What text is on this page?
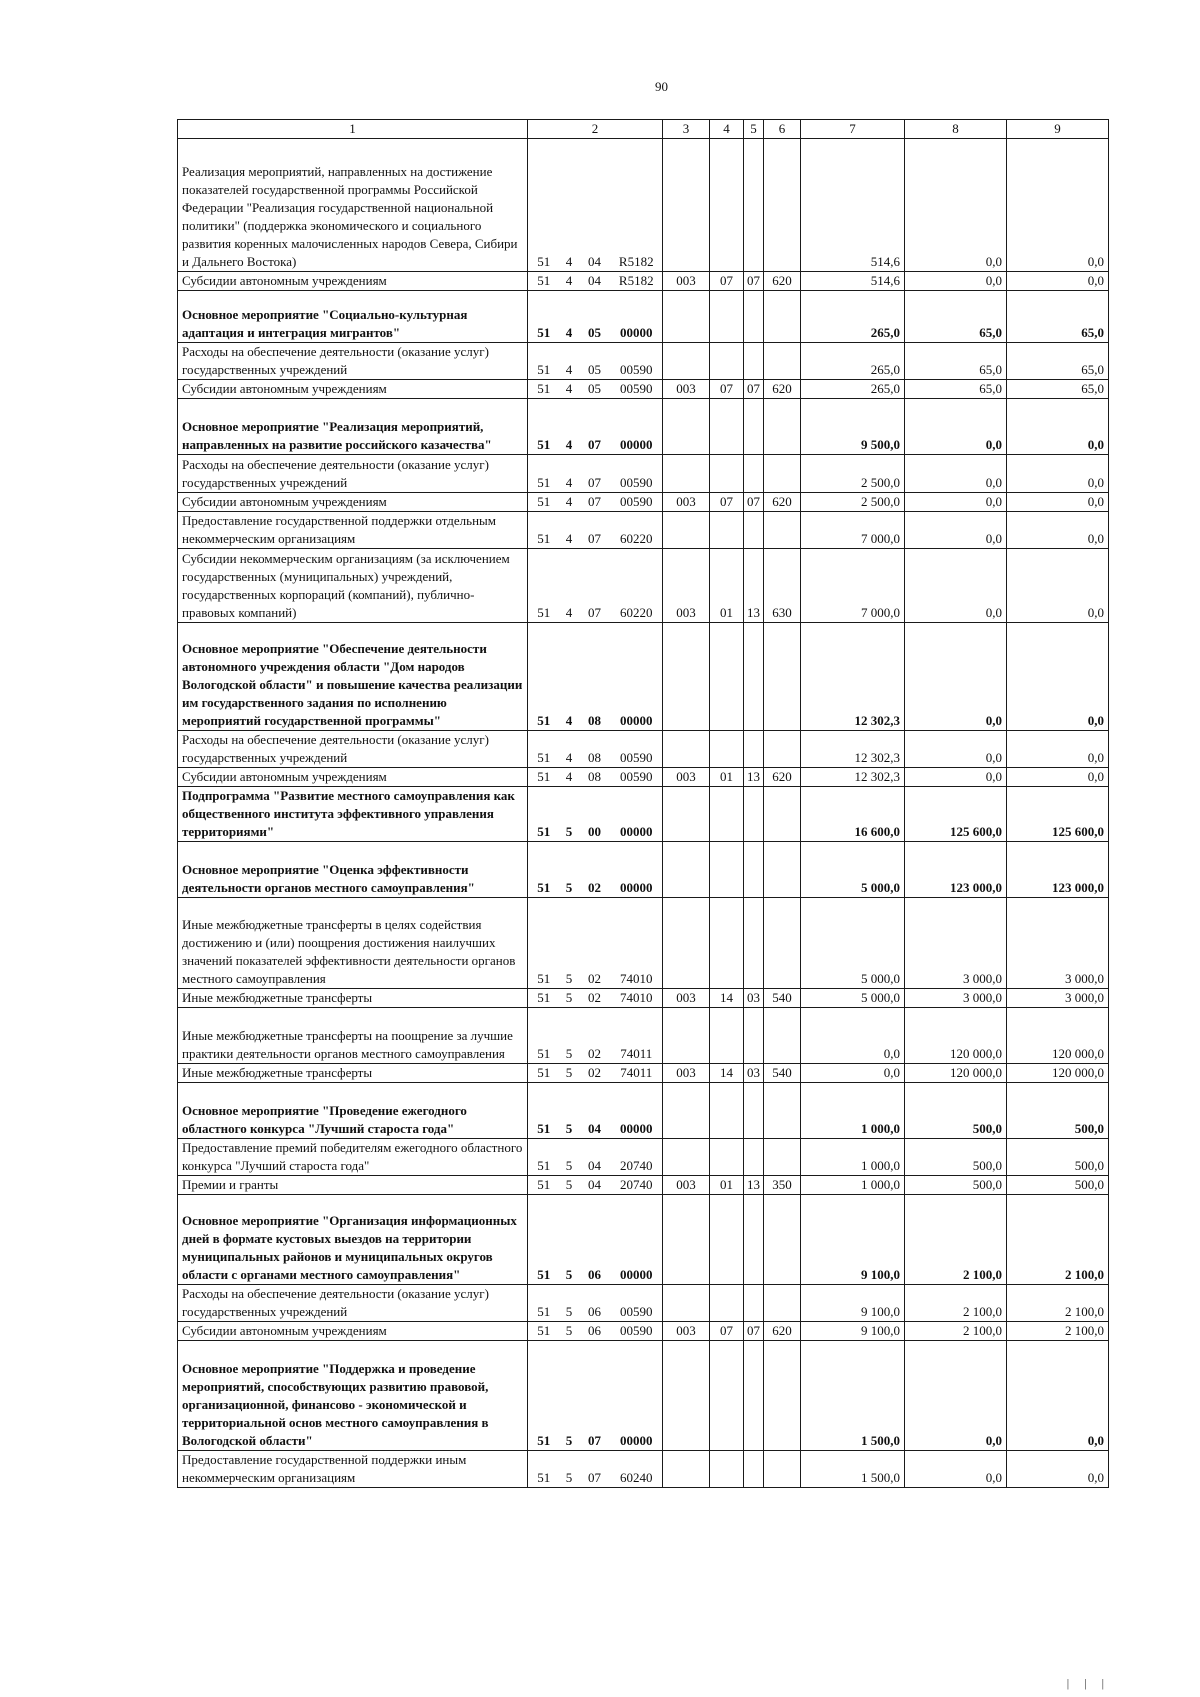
90
1	2				3	4	5	6	7	8	9
Реализация мероприятий, направленных на достижение показателей государственной программы Российской Федерации "Реализация государственной национальной политики" (поддержка экономического и социального развития коренных малочисленных народов Севера, Сибири и Дальнего Востока)	51	4	04	R5182					514,6	0,0	0,0
Субсидии автономным учреждениям	51	4	04	R5182	003	07	07	620	514,6	0,0	0,0
Основное мероприятие "Социально-культурная адаптация и интеграция мигрантов"	51	4	05	00000					265,0	65,0	65,0
Расходы на обеспечение деятельности (оказание услуг) государственных учреждений	51	4	05	00590					265,0	65,0	65,0
Субсидии автономным учреждениям	51	4	05	00590	003	07	07	620	265,0	65,0	65,0
Основное мероприятие "Реализация мероприятий, направленных на развитие российского казачества"	51	4	07	00000					9 500,0	0,0	0,0
Расходы на обеспечение деятельности (оказание услуг) государственных учреждений	51	4	07	00590					2 500,0	0,0	0,0
Субсидии автономным учреждениям	51	4	07	00590	003	07	07	620	2 500,0	0,0	0,0
Предоставление государственной поддержки отдельным некоммерческим организациям	51	4	07	60220					7 000,0	0,0	0,0
Субсидии некоммерческим организациям (за исключением государственных (муниципальных) учреждений, государственных корпораций (компаний), публично-правовых компаний)	51	4	07	60220	003	01	13	630	7 000,0	0,0	0,0
Основное мероприятие "Обеспечение деятельности автономного учреждения области "Дом народов Вологодской области" и повышение качества реализации им государственного задания по исполнению мероприятий государственной программы"	51	4	08	00000					12 302,3	0,0	0,0
Расходы на обеспечение деятельности (оказание услуг) государственных учреждений	51	4	08	00590					12 302,3	0,0	0,0
Субсидии автономным учреждениям	51	4	08	00590	003	01	13	620	12 302,3	0,0	0,0
Подпрограмма "Развитие местного самоуправления как общественного института эффективного управления территориями"	51	5	00	00000					16 600,0	125 600,0	125 600,0
Основное мероприятие "Оценка эффективности деятельности органов местного самоуправления"	51	5	02	00000					5 000,0	123 000,0	123 000,0
Иные межбюджетные трансферты в целях содействия достижению и (или) поощрения достижения наилучших значений показателей эффективности деятельности органов местного самоуправления	51	5	02	74010					5 000,0	3 000,0	3 000,0
Иные межбюджетные трансферты	51	5	02	74010	003	14	03	540	5 000,0	3 000,0	3 000,0
Иные межбюджетные трансферты на поощрение за лучшие практики деятельности органов местного самоуправления	51	5	02	74011					0,0	120 000,0	120 000,0
Иные межбюджетные трансферты	51	5	02	74011	003	14	03	540	0,0	120 000,0	120 000,0
Основное мероприятие "Проведение ежегодного областного конкурса "Лучший староста года"	51	5	04	00000					1 000,0	500,0	500,0
Предоставление премий победителям ежегодного областного конкурса "Лучший староста года"	51	5	04	20740					1 000,0	500,0	500,0
Премии и гранты	51	5	04	20740	003	01	13	350	1 000,0	500,0	500,0
Основное мероприятие "Организация информационных дней в формате кустовых выездов на территории муниципальных районов и муниципальных округов области с органами местного самоуправления"	51	5	06	00000					9 100,0	2 100,0	2 100,0
Расходы на обеспечение деятельности (оказание услуг) государственных учреждений	51	5	06	00590					9 100,0	2 100,0	2 100,0
Субсидии автономным учреждениям	51	5	06	00590	003	07	07	620	9 100,0	2 100,0	2 100,0
Основное мероприятие "Поддержка и проведение мероприятий, способствующих развитию правовой, организационной, финансово - экономической и территориальной основ местного самоуправления в Вологодской области"	51	5	07	00000					1 500,0	0,0	0,0
Предоставление государственной поддержки иным некоммерческим организациям	51	5	07	60240					1 500,0	0,0	0,0
| | |
